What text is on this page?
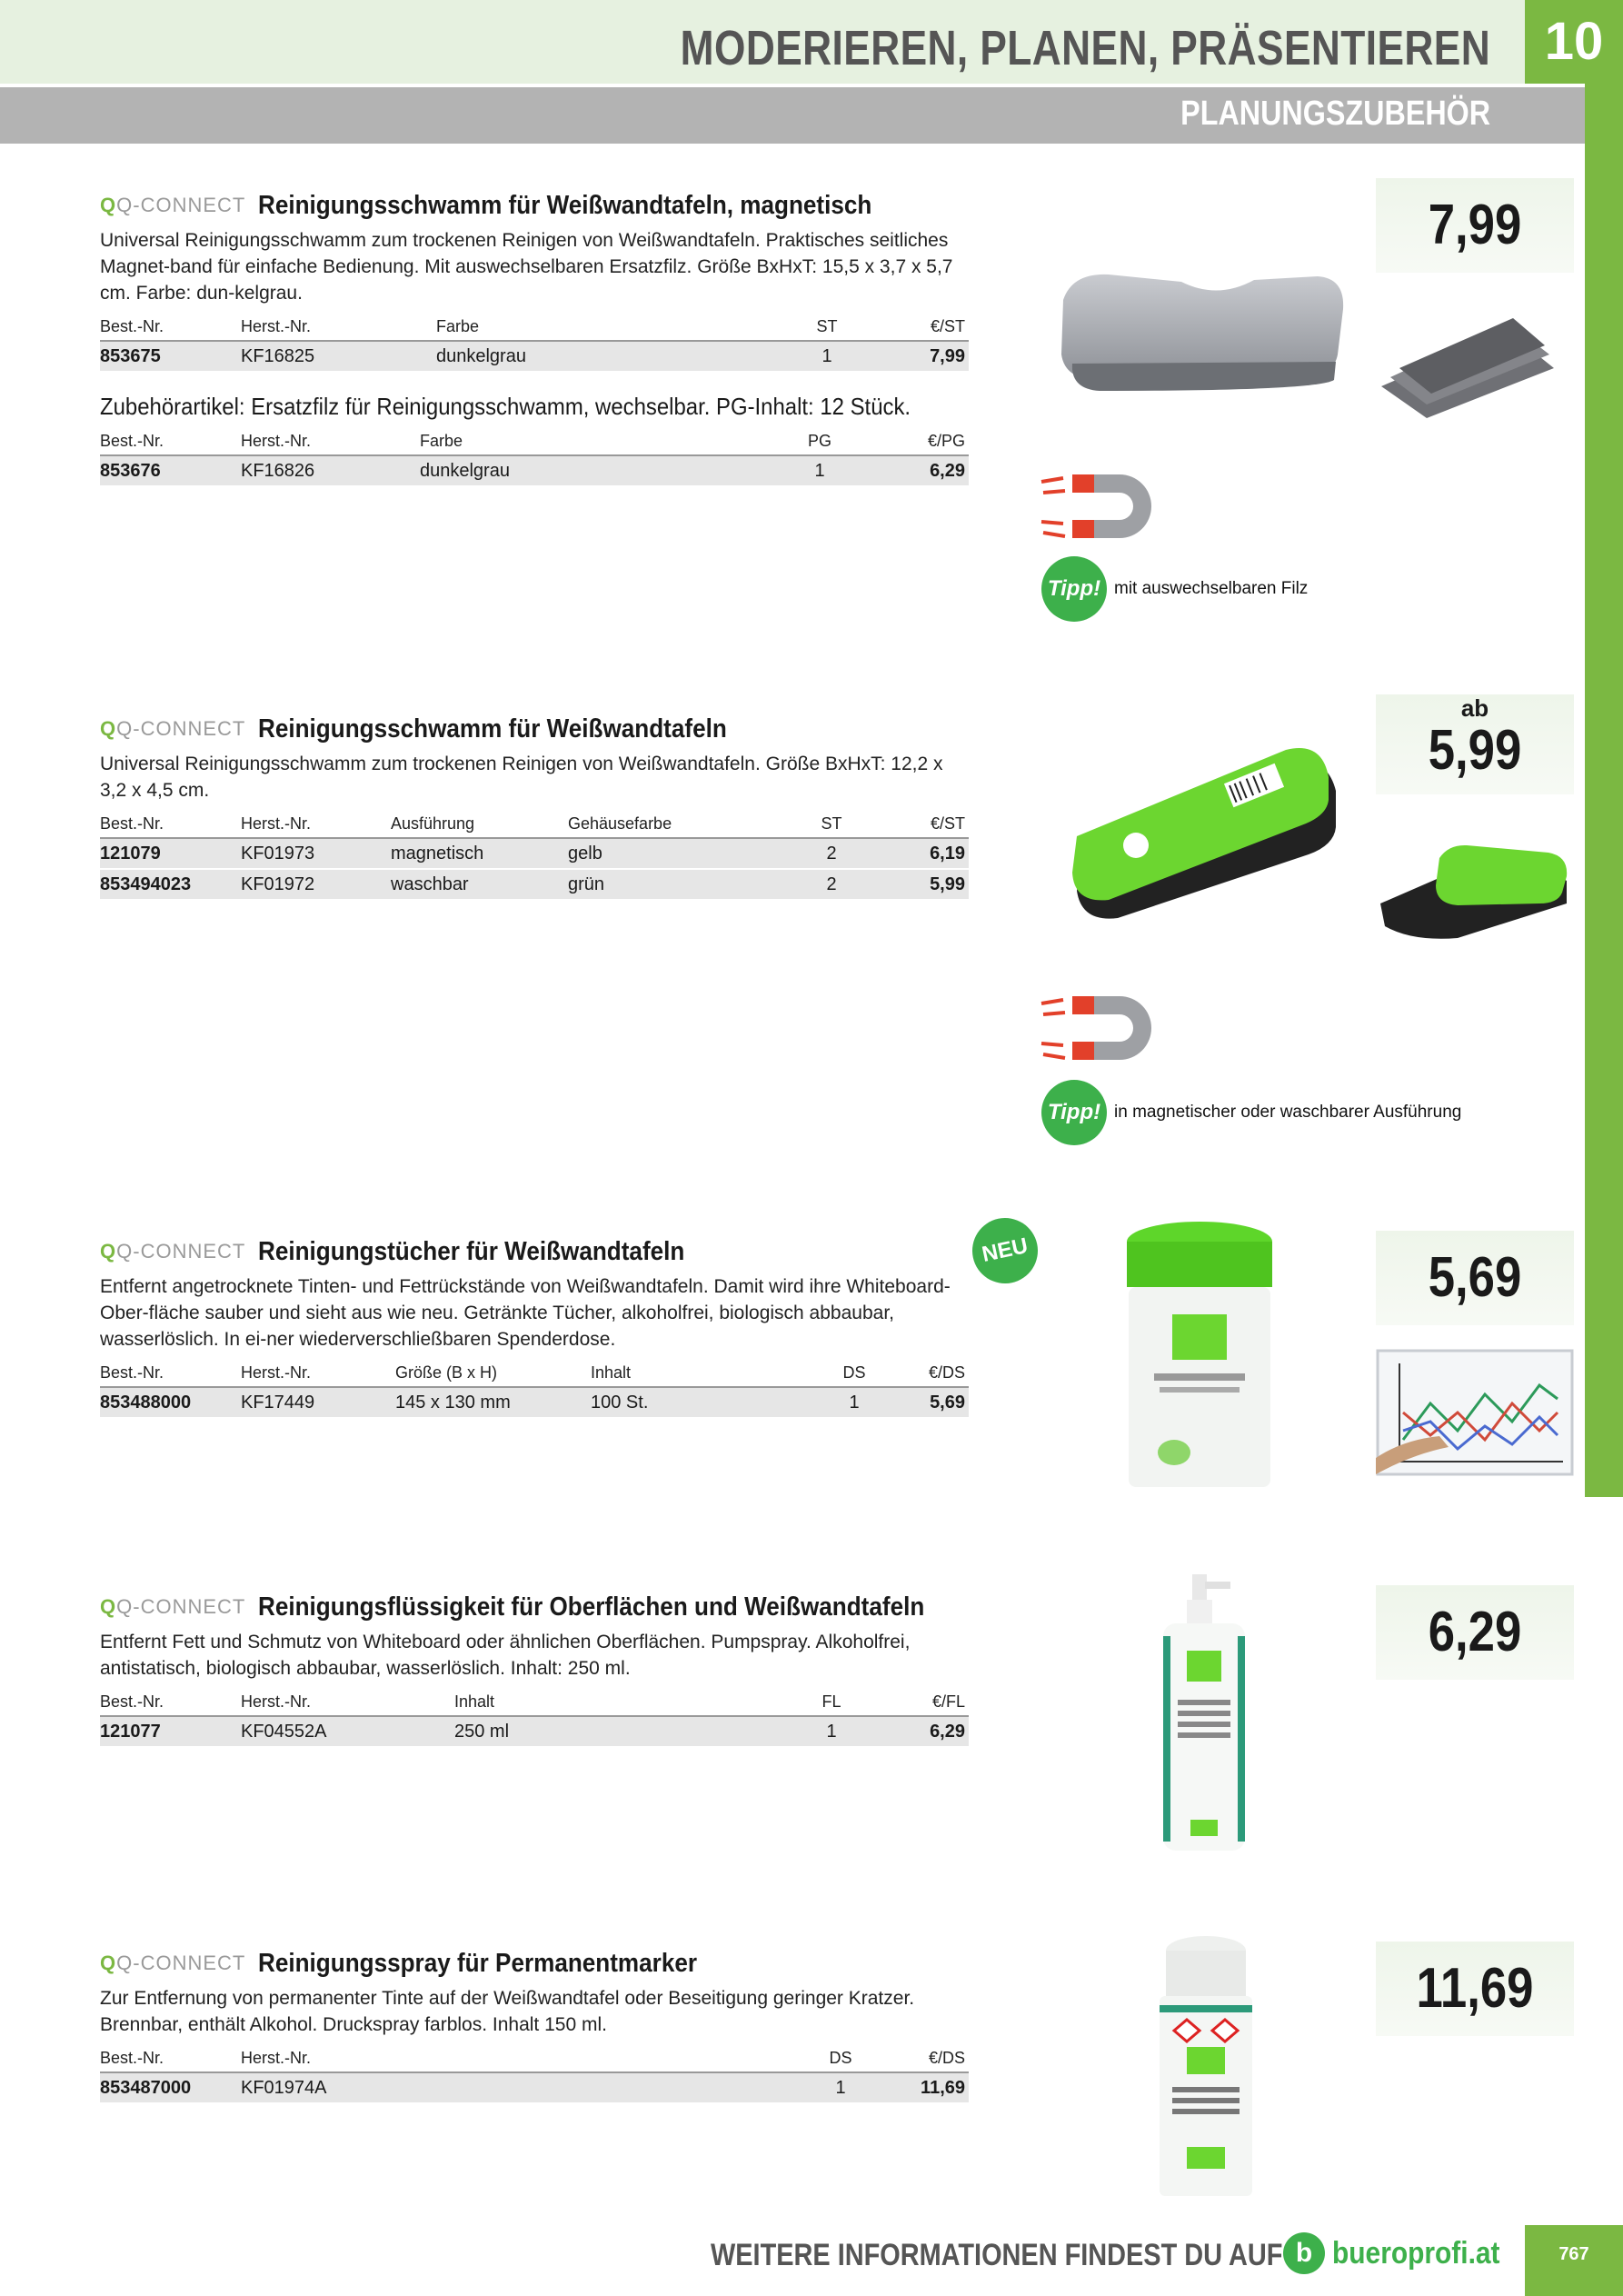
MODERIEREN, PLANEN, PRÄSENTIEREN	10
PLANUNGSZUBEHÖR
Q Q-CONNECT Reinigungsschwamm für Weißwandtafeln, magnetisch
Universal Reinigungsschwamm zum trockenen Reinigen von Weißwandtafeln. Praktisches seitliches Magnet-band für einfache Bedienung. Mit auswechselbaren Ersatzfilz. Größe BxHxT: 15,5 x 3,7 x 5,7 cm. Farbe: dun-kelgrau.
Best.-Nr.	Herst.-Nr.	Farbe	ST	€/ST
853675	KF16825	dunkelgrau	1	7,99
Zubehörartikel: Ersatzfilz für Reinigungsschwamm, wechselbar. PG-Inhalt: 12 Stück.
Best.-Nr.	Herst.-Nr.	Farbe	PG	€/PG
853676	KF16826	dunkelgrau	1	6,29
7,99
Tipp! mit auswechselbaren Filz
Q Q-CONNECT Reinigungsschwamm für Weißwandtafeln
Universal Reinigungsschwamm zum trockenen Reinigen von Weißwandtafeln. Größe BxHxT: 12,2 x 3,2 x 4,5 cm.
Best.-Nr.	Herst.-Nr.	Ausführung	Gehäusefarbe	ST	€/ST
121079	KF01973	magnetisch	gelb	2	6,19
853494023	KF01972	waschbar	grün	2	5,99
ab
5,99
Tipp! in magnetischer oder waschbarer Ausführung
Q Q-CONNECT Reinigungstücher für Weißwandtafeln
Entfernt angetrocknete Tinten- und Fettrückstände von Weißwandtafeln. Damit wird ihre Whiteboard-Ober-fläche sauber und sieht aus wie neu. Getränkte Tücher, alkoholfrei, biologisch abbaubar, wasserlöslich. In ei-ner wiederverschließbaren Spenderdose.
Best.-Nr.	Herst.-Nr.	Größe (B x H)	Inhalt	DS	€/DS
853488000	KF17449	145 x 130 mm	100 St.	1	5,69
NEU	5,69
Q Q-CONNECT Reinigungsflüssigkeit für Oberflächen und Weißwandtafeln
Entfernt Fett und Schmutz von Whiteboard oder ähnlichen Oberflächen. Pumpspray. Alkoholfrei, antistatisch, biologisch abbaubar, wasserlöslich. Inhalt: 250 ml.
Best.-Nr.	Herst.-Nr.	Inhalt	FL	€/FL
121077	KF04552A	250 ml	1	6,29
6,29
Q Q-CONNECT Reinigungsspray für Permanentmarker
Zur Entfernung von permanenter Tinte auf der Weißwandtafel oder Beseitigung geringer Kratzer. Brennbar, enthält Alkohol. Druckspray farblos. Inhalt 150 ml.
Best.-Nr.	Herst.-Nr.	DS	€/DS
853487000	KF01974A	1	11,69
11,69
WEITERE INFORMATIONEN FINDEST DU AUF b bueroprofi.at	767
